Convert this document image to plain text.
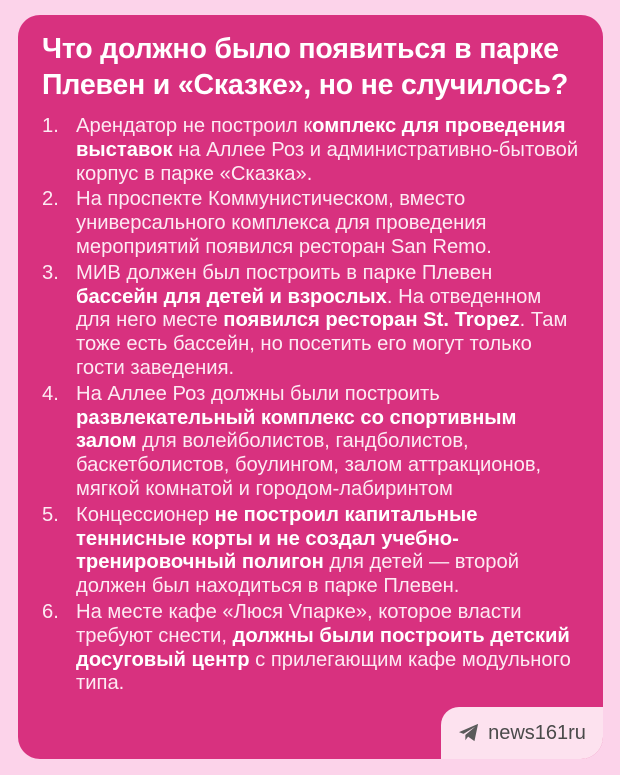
Что должно было появиться в парке Плевен и «Сказке», но не случилось?
1. Арендатор не построил комплекс для проведения выставок на Аллее Роз и административно-бытовой корпус в парке «Сказка».
2. На проспекте Коммунистическом, вместо универсального комплекса для проведения мероприятий появился ресторан San Remo.
3. МИВ должен был построить в парке Плевен бассейн для детей и взрослых. На отведенном для него месте появился ресторан St. Tropez. Там тоже есть бассейн, но посетить его могут только гости заведения.
4. На Аллее Роз должны были построить развлекательный комплекс со спортивным залом для волейболистов, гандболистов, баскетболистов, боулингом, залом аттракционов, мягкой комнатой и городом-лабиринтом
5. Концессионер не построил капитальные теннисные корты и не создал учебно-тренировочный полигон для детей — второй должен был находиться в парке Плевен.
6. На месте кафе «Люся Vпарке», которое власти требуют снести, должны были построить детский досуговый центр с прилегающим кафе модульного типа.
news161ru
